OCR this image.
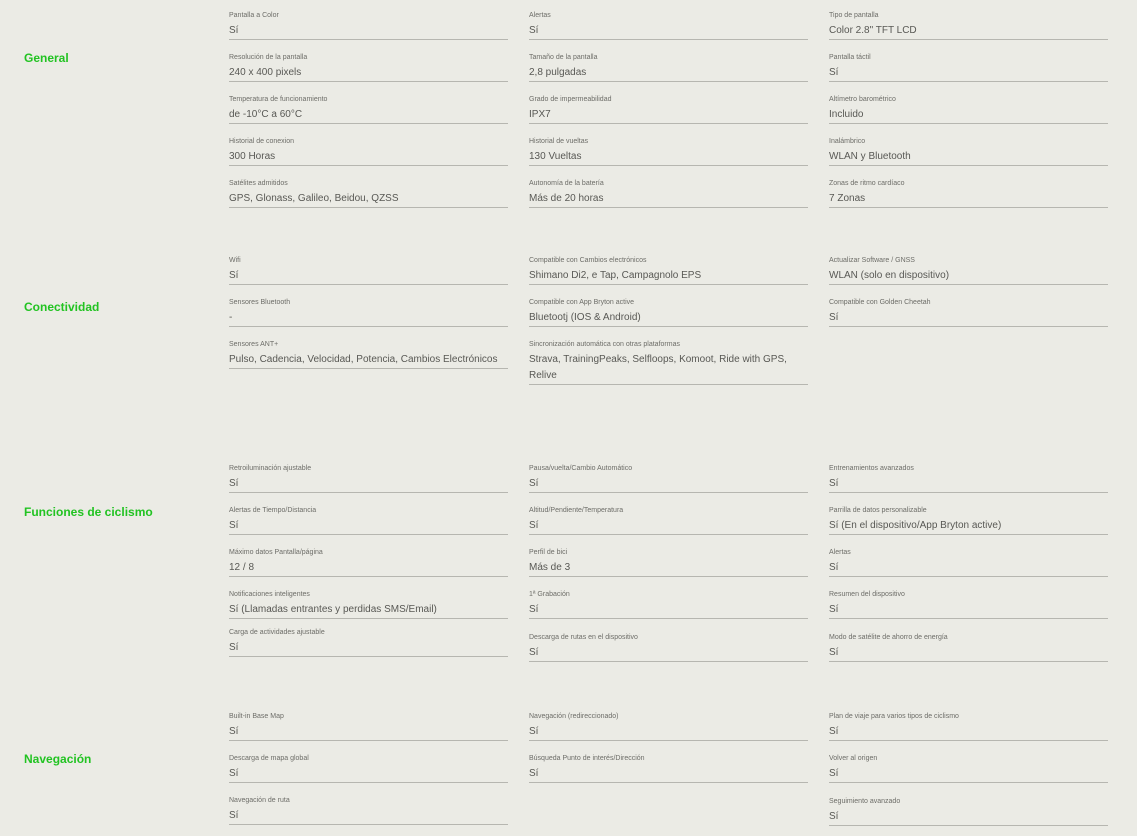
General
Pantalla a Color
Sí
Alertas
Sí
Tipo de pantalla
Color 2.8" TFT LCD
Resolución de la pantalla
240 x 400 pixels
Tamaño de la pantalla
2,8 pulgadas
Pantalla táctil
Sí
Temperatura de funcionamiento
de -10°C a 60°C
Grado de impermeabilidad
IPX7
Altímetro barométrico
Incluido
Historial de conexion
300 Horas
Historial de vueltas
130 Vueltas
Inalámbrico
WLAN y Bluetooth
Satélites admitidos
GPS, Glonass, Galileo, Beidou, QZSS
Autonomía de la batería
Más de 20 horas
Zonas de ritmo cardíaco
7 Zonas
Conectividad
Wifi
Sí
Compatible con Cambios electrónicos
Shimano Di2, e Tap, Campagnolo EPS
Actualizar Software / GNSS
WLAN (solo en dispositivo)
Sensores Bluetooth
-
Compatible con App Bryton active
Bluetootj (IOS & Android)
Compatible con Golden Cheetah
Sí
Sensores ANT+
Pulso, Cadencia, Velocidad, Potencia, Cambios Electrónicos
Sincronización automática con otras plataformas
Strava, TrainingPeaks, Selfloops, Komoot, Ride with GPS, Relive
Funciones de ciclismo
Retroiluminación ajustable
Sí
Pausa/vuelta/Cambio Automático
Sí
Entrenamientos avanzados
Sí
Alertas de Tiempo/Distancia
Sí
Altitud/Pendiente/Temperatura
Sí
Parrilla de datos personalizable
Sí (En el dispositivo/App Bryton active)
Máximo datos Pantalla/página
12 / 8
Perfil de bici
Más de 3
Alertas
Sí
Notificaciones inteligentes
Sí (Llamadas entrantes y perdidas SMS/Email)
1ª Grabación
Sí
Resumen del dispositivo
Sí
Carga de actividades ajustable
Sí
Descarga de rutas en el dispositivo
Sí
Modo de satélite de ahorro de energía
Sí
Navegación
Built-in Base Map
Sí
Navegación (redireccionado)
Sí
Plan de viaje para varios tipos de ciclismo
Sí
Descarga de mapa global
Sí
Búsqueda Punto de interés/Dirección
Sí
Volver al origen
Sí
Navegación de ruta
Sí
Seguimiento avanzado
Sí
